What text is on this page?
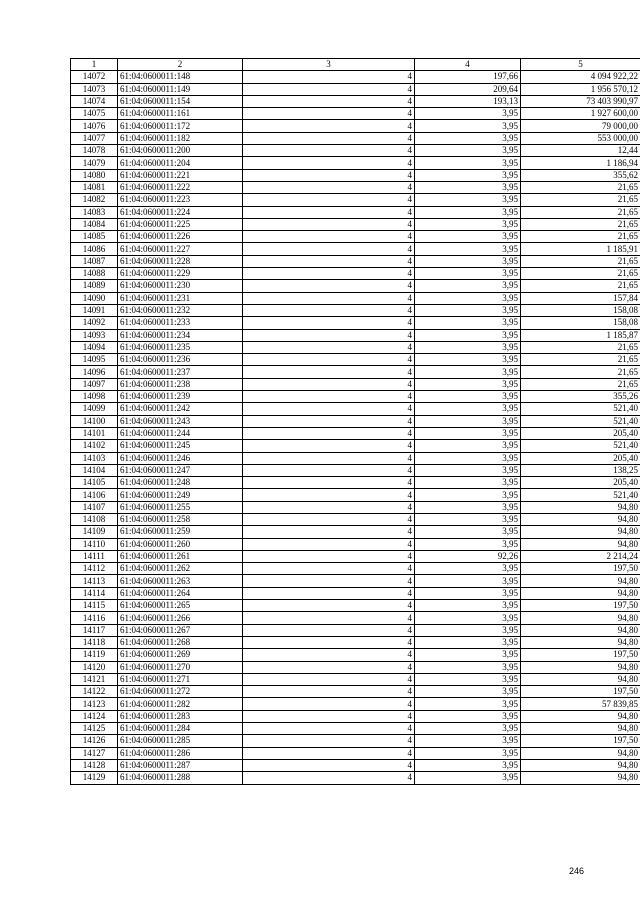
1	2	3	4	5
14072	61:04:0600011:148	4	197,66	4 094 922,22
14073	61:04:0600011:149	4	209,64	1 956 570,12
14074	61:04:0600011:154	4	193,13	73 403 990,97
14075	61:04:0600011:161	4	3,95	1 927 600,00
14076	61:04:0600011:172	4	3,95	79 000,00
14077	61:04:0600011:182	4	3,95	553 000,00
14078	61:04:0600011:200	4	3,95	12,44
14079	61:04:0600011:204	4	3,95	1 186,94
14080	61:04:0600011:221	4	3,95	355,62
14081	61:04:0600011:222	4	3,95	21,65
14082	61:04:0600011:223	4	3,95	21,65
14083	61:04:0600011:224	4	3,95	21,65
14084	61:04:0600011:225	4	3,95	21,65
14085	61:04:0600011:226	4	3,95	21,65
14086	61:04:0600011:227	4	3,95	1 185,91
14087	61:04:0600011:228	4	3,95	21,65
14088	61:04:0600011:229	4	3,95	21,65
14089	61:04:0600011:230	4	3,95	21,65
14090	61:04:0600011:231	4	3,95	157,84
14091	61:04:0600011:232	4	3,95	158,08
14092	61:04:0600011:233	4	3,95	158,08
14093	61:04:0600011:234	4	3,95	1 185,87
14094	61:04:0600011:235	4	3,95	21,65
14095	61:04:0600011:236	4	3,95	21,65
14096	61:04:0600011:237	4	3,95	21,65
14097	61:04:0600011:238	4	3,95	21,65
14098	61:04:0600011:239	4	3,95	355,26
14099	61:04:0600011:242	4	3,95	521,40
14100	61:04:0600011:243	4	3,95	521,40
14101	61:04:0600011:244	4	3,95	205,40
14102	61:04:0600011:245	4	3,95	521,40
14103	61:04:0600011:246	4	3,95	205,40
14104	61:04:0600011:247	4	3,95	138,25
14105	61:04:0600011:248	4	3,95	205,40
14106	61:04:0600011:249	4	3,95	521,40
14107	61:04:0600011:255	4	3,95	94,80
14108	61:04:0600011:258	4	3,95	94,80
14109	61:04:0600011:259	4	3,95	94,80
14110	61:04:0600011:260	4	3,95	94,80
14111	61:04:0600011:261	4	92,26	2 214,24
14112	61:04:0600011:262	4	3,95	197,50
14113	61:04:0600011:263	4	3,95	94,80
14114	61:04:0600011:264	4	3,95	94,80
14115	61:04:0600011:265	4	3,95	197,50
14116	61:04:0600011:266	4	3,95	94,80
14117	61:04:0600011:267	4	3,95	94,80
14118	61:04:0600011:268	4	3,95	94,80
14119	61:04:0600011:269	4	3,95	197,50
14120	61:04:0600011:270	4	3,95	94,80
14121	61:04:0600011:271	4	3,95	94,80
14122	61:04:0600011:272	4	3,95	197,50
14123	61:04:0600011:282	4	3,95	57 839,85
14124	61:04:0600011:283	4	3,95	94,80
14125	61:04:0600011:284	4	3,95	94,80
14126	61:04:0600011:285	4	3,95	197,50
14127	61:04:0600011:286	4	3,95	94,80
14128	61:04:0600011:287	4	3,95	94,80
14129	61:04:0600011:288	4	3,95	94,80
246
